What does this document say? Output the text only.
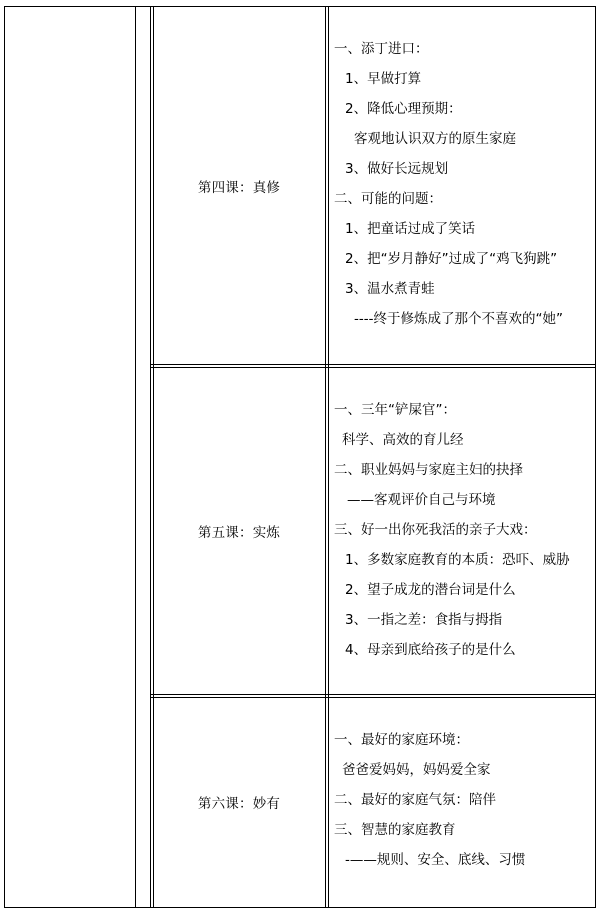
第四课：真修
一、添丁进口：
1、早做打算
2、降低心理预期：
客观地认识双方的原生家庭
3、做好长远规划
二、可能的问题：
1、把童话过成了笑话
2、把“岁月静好”过成了“鸡飞狗跳”
3、温水煮青蛙
----终于修炼成了那个不喜欢的“她”
第五课：实炼
一、三年“铲屎官”：
科学、高效的育儿经
二、职业妈妈与家庭主妇的抉择
——客观评价自己与环境
三、好一出你死我活的亲子大戏：
1、多数家庭教育的本质：恐吓、威胁
2、望子成龙的潜台词是什么
3、一指之差：食指与拇指
4、母亲到底给孩子的是什么
第六课：妙有
一、最好的家庭环境：
爸爸爱妈妈，妈妈爱全家
二、最好的家庭气氛：陪伴
三、智慧的家庭教育
-——规则、安全、底线、习惯
